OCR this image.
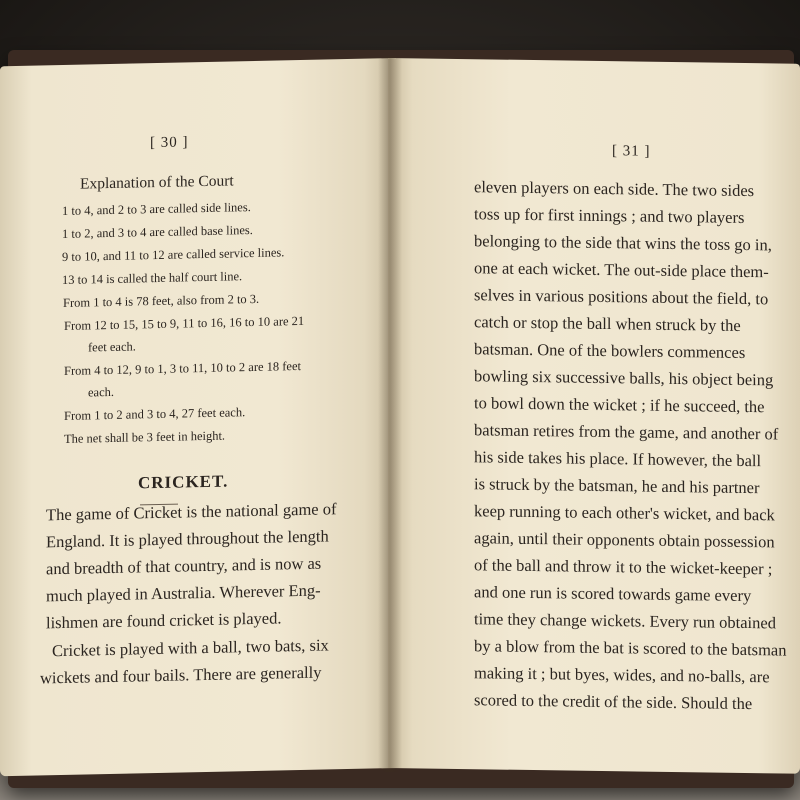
[ 30 ]
Explanation of the Court
1 to 4, and 2 to 3 are called side lines.
1 to 2, and 3 to 4 are called base lines.
9 to 10, and 11 to 12 are called service lines.
13 to 14 is called the half court line.
From 1 to 4 is 78 feet, also from 2 to 3.
From 12 to 15, 15 to 9, 11 to 16, 16 to 10 are 21
feet each.
From 4 to 12, 9 to 1, 3 to 11, 10 to 2 are 18 feet
each.
From 1 to 2 and 3 to 4, 27 feet each.
The net shall be 3 feet in height.
CRICKET.
The game of Cricket is the national game of
England. It is played throughout the length
and breadth of that country, and is now as
much played in Australia. Wherever Eng-
lishmen are found cricket is played.
Cricket is played with a ball, two bats, six
wickets and four bails. There are generally
[ 31 ]
eleven players on each side. The two sides
toss up for first innings ; and two players
belonging to the side that wins the toss go in,
one at each wicket. The out-side place them-
selves in various positions about the field, to
catch or stop the ball when struck by the
batsman. One of the bowlers commences
bowling six successive balls, his object being
to bowl down the wicket ; if he succeed, the
batsman retires from the game, and another of
his side takes his place. If however, the ball
is struck by the batsman, he and his partner
keep running to each other's wicket, and back
again, until their opponents obtain possession
of the ball and throw it to the wicket-keeper ;
and one run is scored towards game every
time they change wickets. Every run obtained
by a blow from the bat is scored to the batsman
making it ; but byes, wides, and no-balls, are
scored to the credit of the side. Should the
